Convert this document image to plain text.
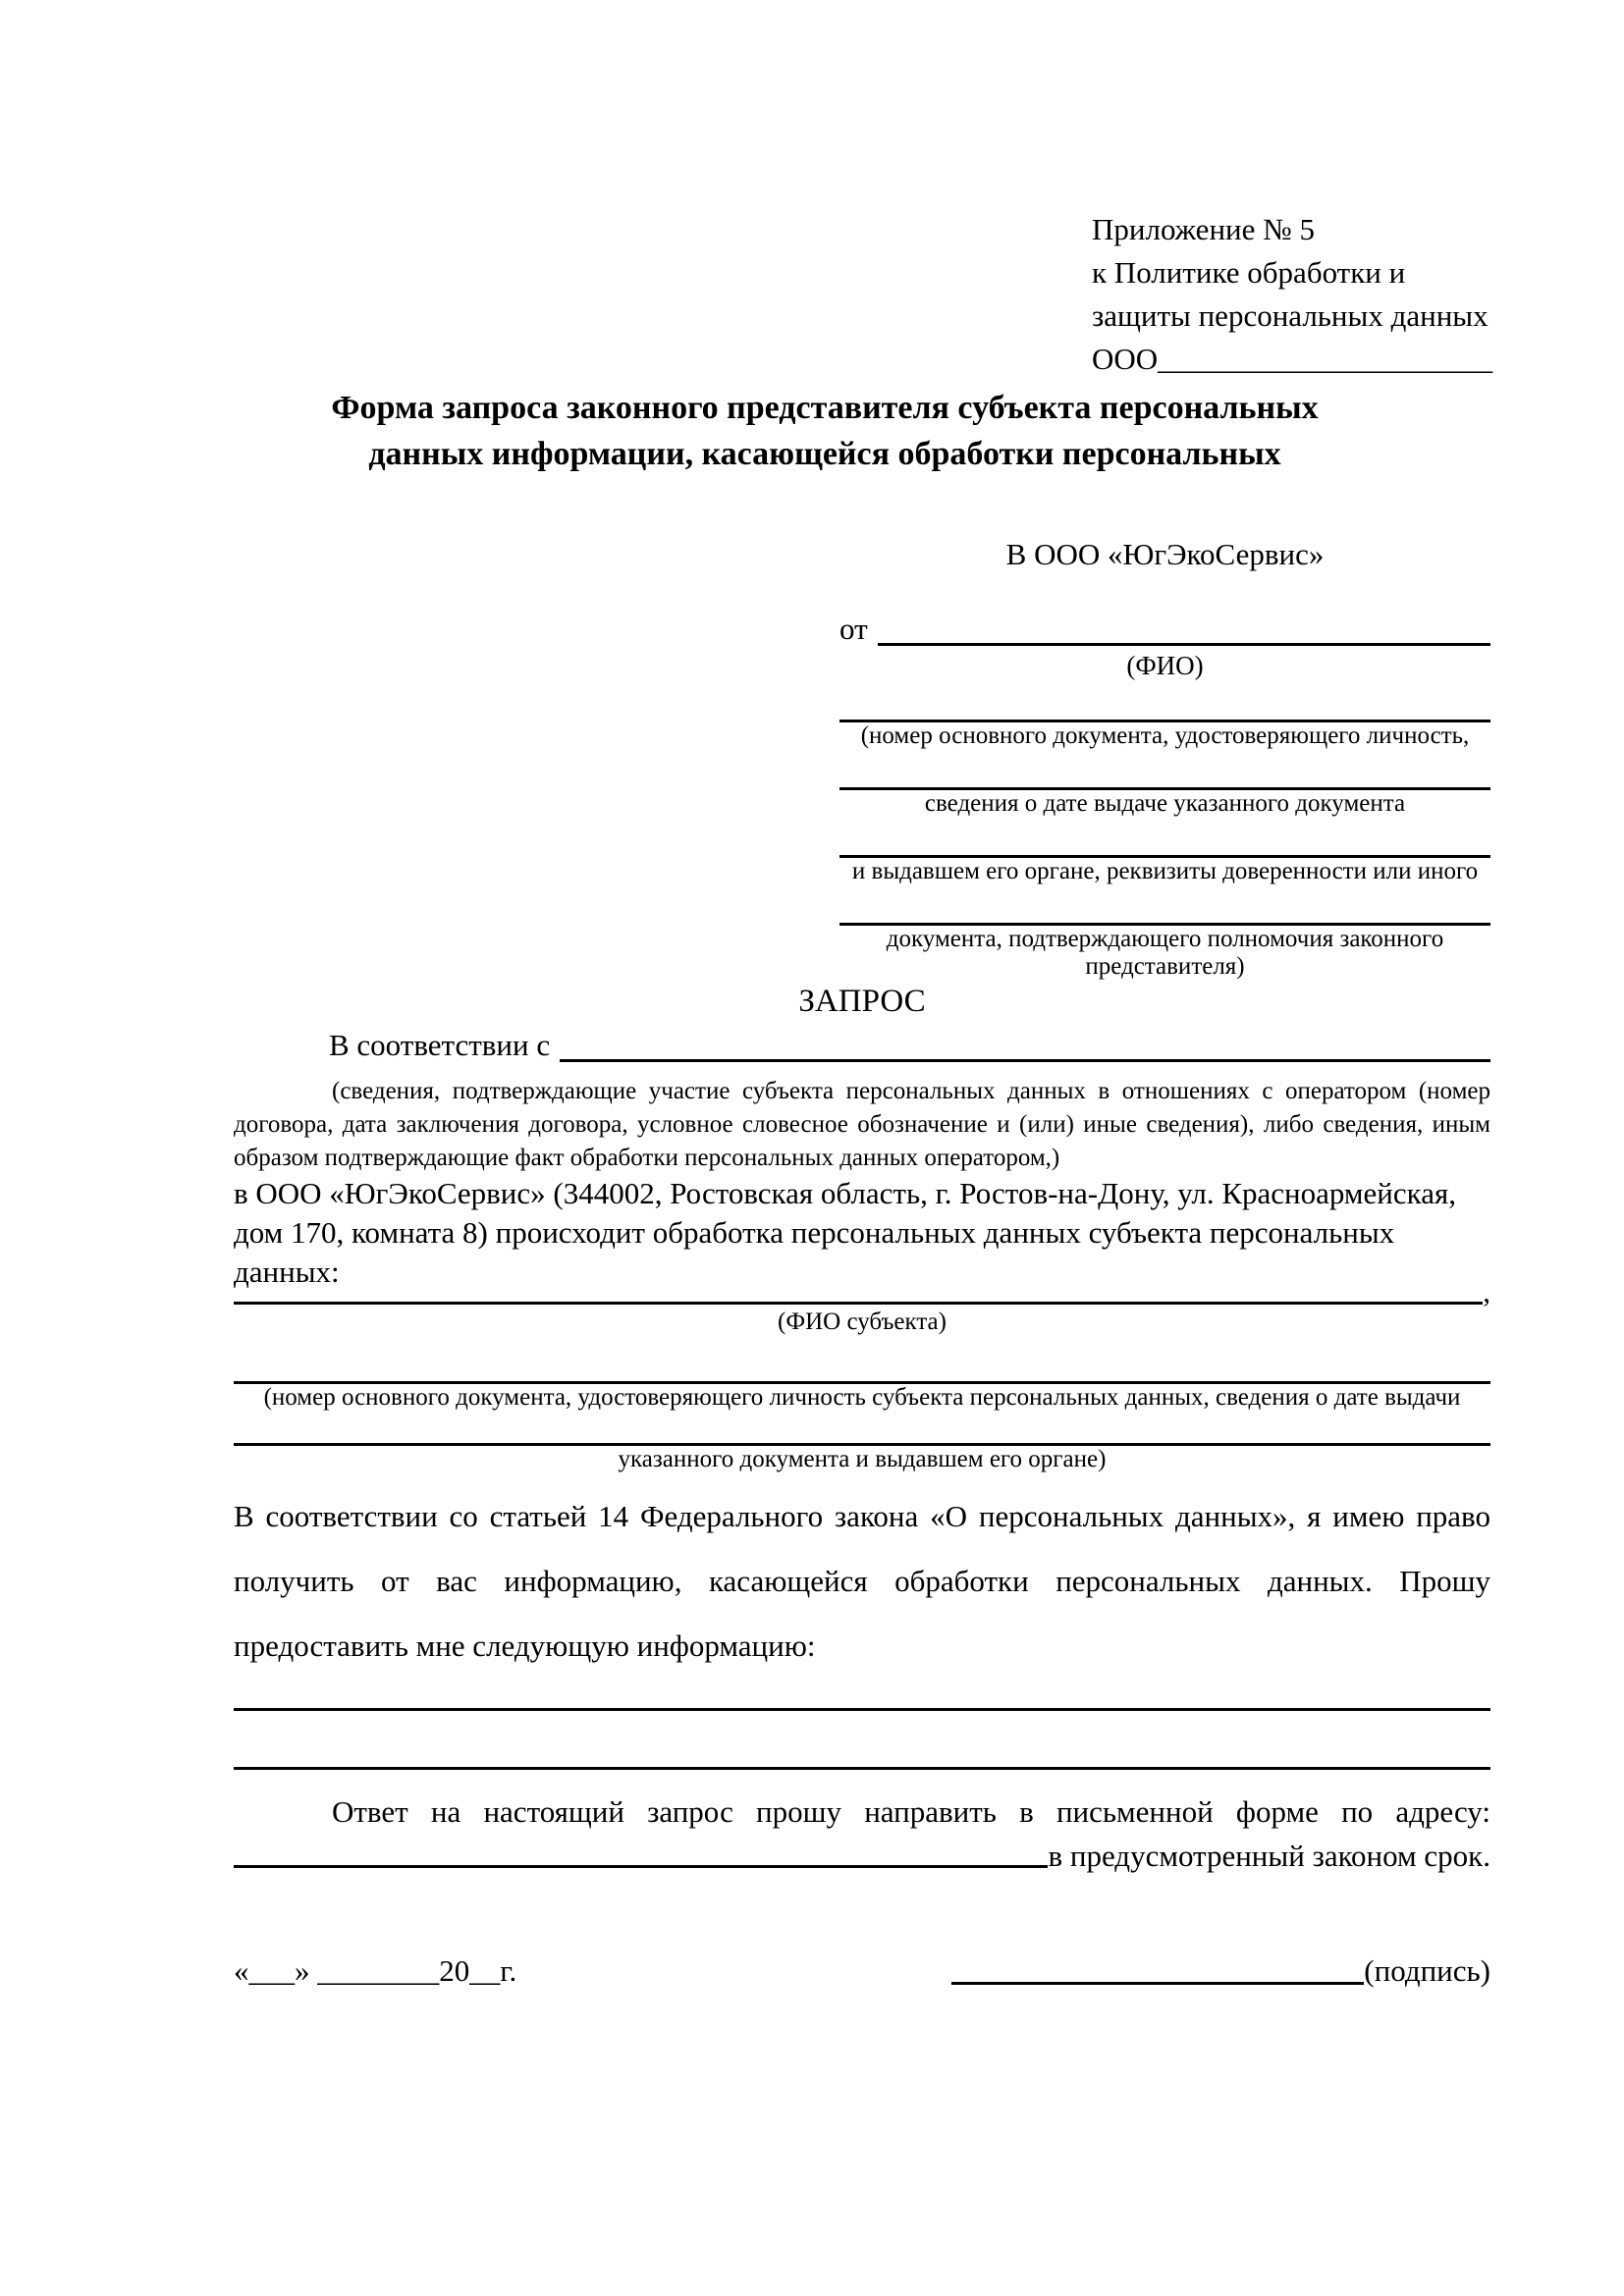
Приложение № 5
к Политике обработки и
защиты персональных данных
ООО______________________
Форма запроса законного представителя субъекта персональных
данных информации, касающейся обработки персональных
В ООО «ЮгЭкоСервис»
от
(ФИО)
(номер основного документа, удостоверяющего личность,
сведения о дате выдаче указанного документа
и выдавшем его органе, реквизиты доверенности или иного
документа, подтверждающего полномочия законного представителя)
ЗАПРОС
В соответствии с
(сведения, подтверждающие участие субъекта персональных данных в отношениях с оператором (номер договора, дата заключения договора, условное словесное обозначение и (или) иные сведения), либо сведения, иным образом подтверждающие факт обработки персональных данных оператором,)
в ООО «ЮгЭкоСервис» (344002, Ростовская область, г. Ростов-на-Дону, ул. Красноармейская, дом 170, комната 8) происходит обработка персональных данных субъекта персональных данных:
,
(ФИО субъекта)
(номер основного документа, удостоверяющего личность субъекта персональных данных, сведения о дате выдачи
указанного документа и выдавшем его органе)
В соответствии со статьей 14 Федерального закона «О персональных данных», я имею право получить от вас информацию, касающейся обработки персональных данных. Прошу предоставить мне следующую информацию:
Ответ на настоящий запрос прошу направить в письменной форме по адресу:
в предусмотренный законом срок.
«___» ________20__г.	(подпись)
